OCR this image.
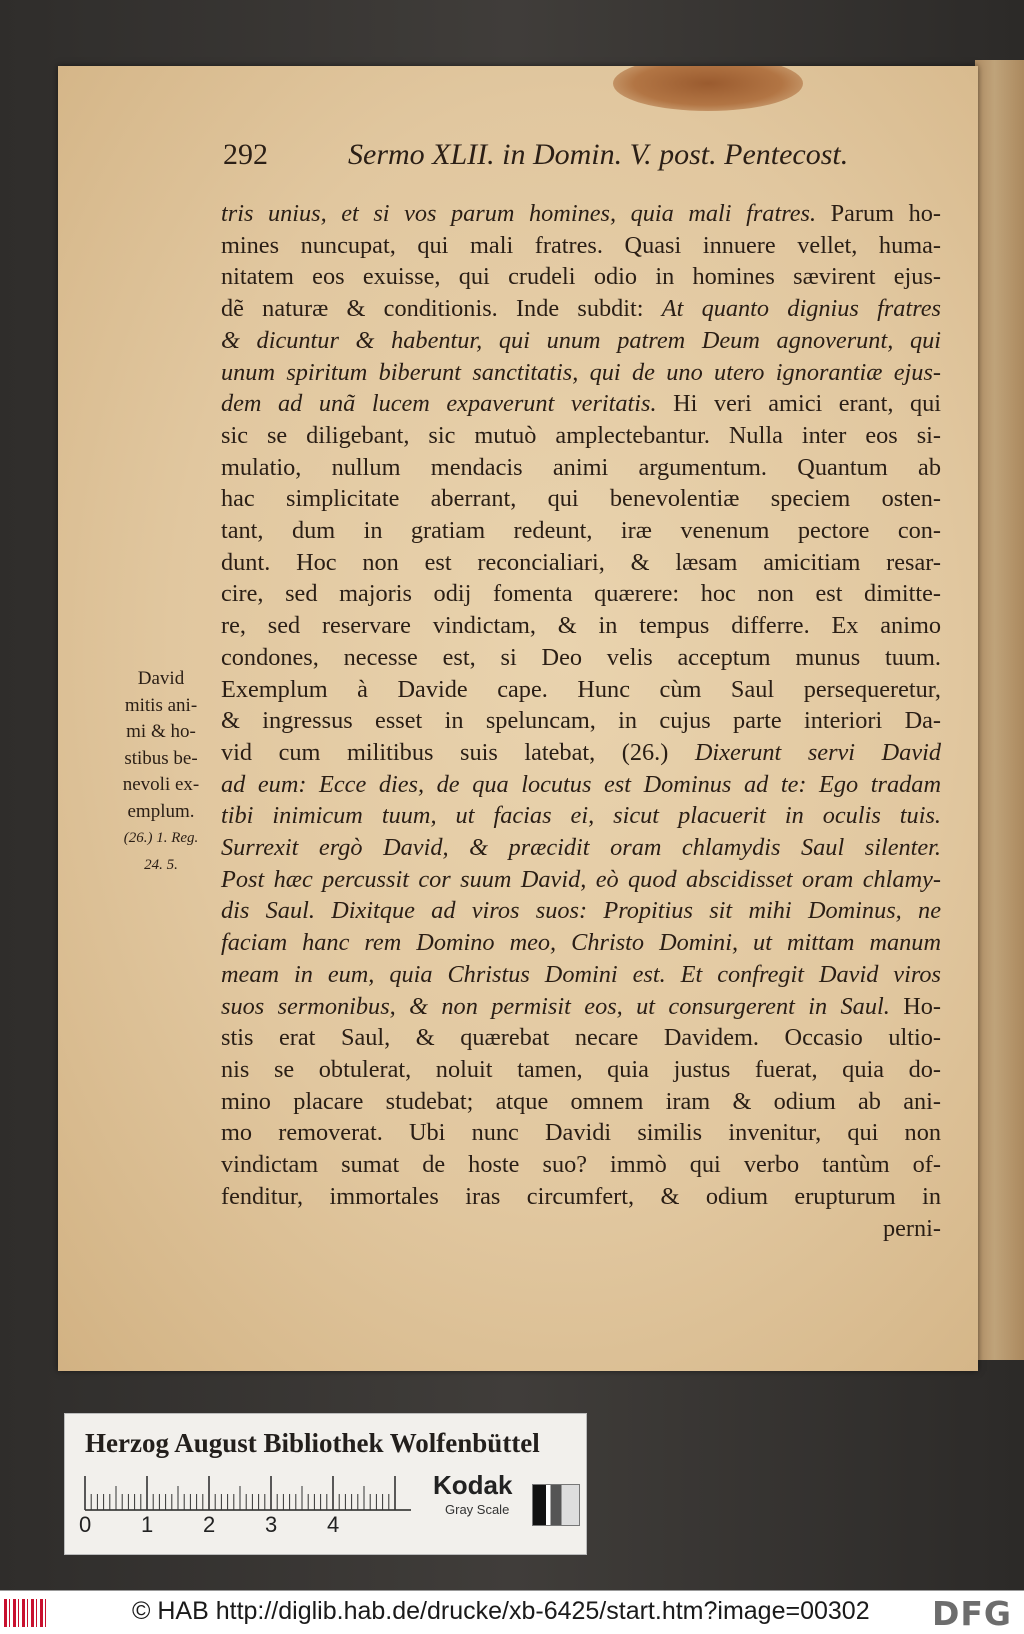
292	Sermo XLII. in Domin. V. post. Pentecost.
David
mitis ani-
mi & ho-
stibus be-
nevoli ex-
emplum.
(26.) 1. Reg.
24. 5.
tris unius, et si vos parum homines, quia mali fratres. Parum ho-
mines nuncupat, qui mali fratres. Quasi innuere vellet, huma-
nitatem eos exuisse, qui crudeli odio in homines sævirent ejus-
dẽ naturæ & conditionis. Inde subdit: At quanto dignius fratres
& dicuntur & habentur, qui unum patrem Deum agnoverunt, qui
unum spiritum biberunt sanctitatis, qui de uno utero ignorantiæ ejus-
dem ad unã lucem expaverunt veritatis. Hi veri amici erant, qui
sic se diligebant, sic mutuò amplectebantur. Nulla inter eos si-
mulatio, nullum mendacis animi argumentum. Quantum ab
hac simplicitate aberrant, qui benevolentiæ speciem osten-
tant, dum in gratiam redeunt, iræ venenum pectore con-
dunt. Hoc non est reconcialiari, & læsam amicitiam resar-
cire, sed majoris odij fomenta quærere: hoc non est dimitte-
re, sed reservare vindictam, & in tempus differre. Ex animo
condones, necesse est, si Deo velis acceptum munus tuum.
Exemplum à Davide cape. Hunc cùm Saul persequeretur,
& ingressus esset in speluncam, in cujus parte interiori Da-
vid cum militibus suis latebat, (26.) Dixerunt servi David
ad eum: Ecce dies, de qua locutus est Dominus ad te: Ego tradam
tibi inimicum tuum, ut facias ei, sicut placuerit in oculis tuis.
Surrexit ergò David, & præcidit oram chlamydis Saul silenter.
Post hæc percussit cor suum David, eò quod abscidisset oram chlamy-
dis Saul. Dixitque ad viros suos: Propitius sit mihi Dominus, ne
faciam hanc rem Domino meo, Christo Domini, ut mittam manum
meam in eum, quia Christus Domini est. Et confregit David viros
suos sermonibus, & non permisit eos, ut consurgerent in Saul. Ho-
stis erat Saul, & quærebat necare Davidem. Occasio ultio-
nis se obtulerat, noluit tamen, quia justus fuerat, quia do-
mino placare studebat; atque omnem iram & odium ab ani-
mo removerat. Ubi nunc Davidi similis invenitur, qui non
vindictam sumat de hoste suo? immò qui verbo tantùm of-
fenditur, immortales iras circumfert, & odium erupturum in
perni-
Herzog August Bibliothek Wolfenbüttel
0 1 2 3 4
Kodak
Gray Scale
© HAB http://diglib.hab.de/drucke/xb-6425/start.htm?image=00302 DFG
